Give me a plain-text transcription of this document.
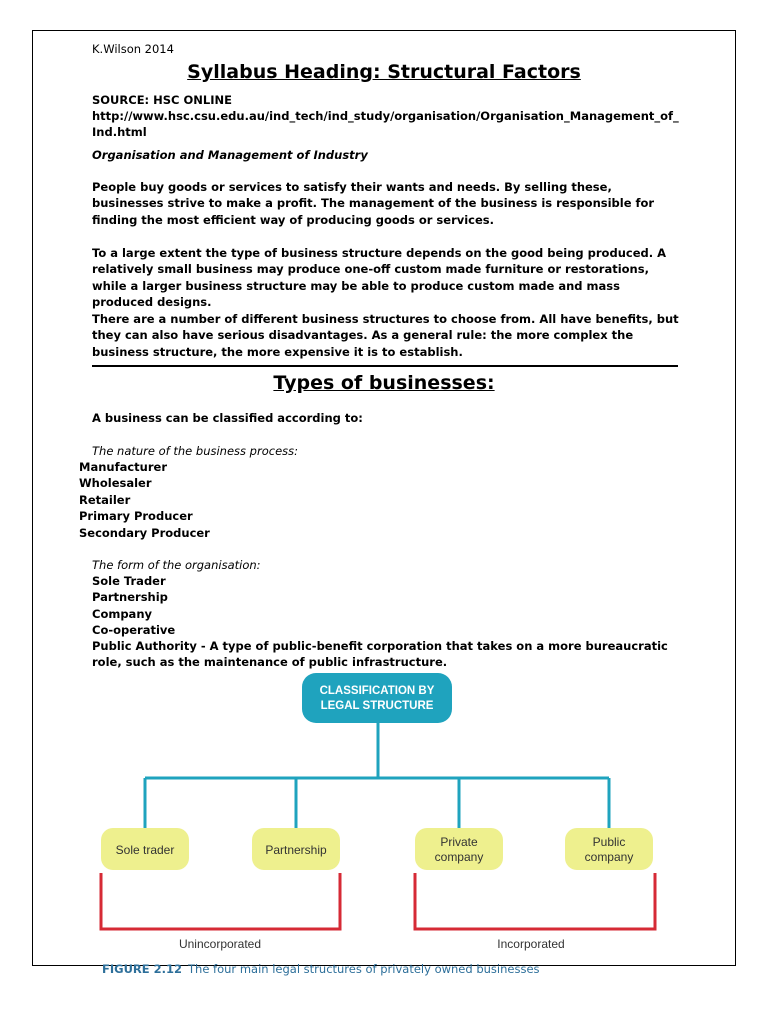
K.Wilson 2014
Syllabus Heading: Structural Factors
SOURCE: HSC ONLINE
http://www.hsc.csu.edu.au/ind_tech/ind_study/organisation/Organisation_Management_of_Ind.html
Organisation and Management of Industry
People buy goods or services to satisfy their wants and needs. By selling these, businesses strive to make a profit. The management of the business is responsible for finding the most efficient way of producing goods or services.
To a large extent the type of business structure depends on the good being produced. A relatively small business may produce one-off custom made furniture or restorations, while a larger business structure may be able to produce custom made and mass produced designs.
There are a number of different business structures to choose from. All have benefits, but they can also have serious disadvantages. As a general rule: the more complex the business structure, the more expensive it is to establish.
Types of businesses:
A business can be classified according to:
The nature of the business process:
Manufacturer
Wholesaler
Retailer
Primary Producer
Secondary Producer
The form of the organisation:
Sole Trader
Partnership
Company
Co-operative
Public Authority - A type of public-benefit corporation that takes on a more bureaucratic role, such as the maintenance of public infrastructure.
CLASSIFICATION BY
LEGAL STRUCTURE
Sole trader	Partnership
Private
company
Public
company
Unincorporated	Incorporated
FIGURE 2.12 The four main legal structures of privately owned businesses
